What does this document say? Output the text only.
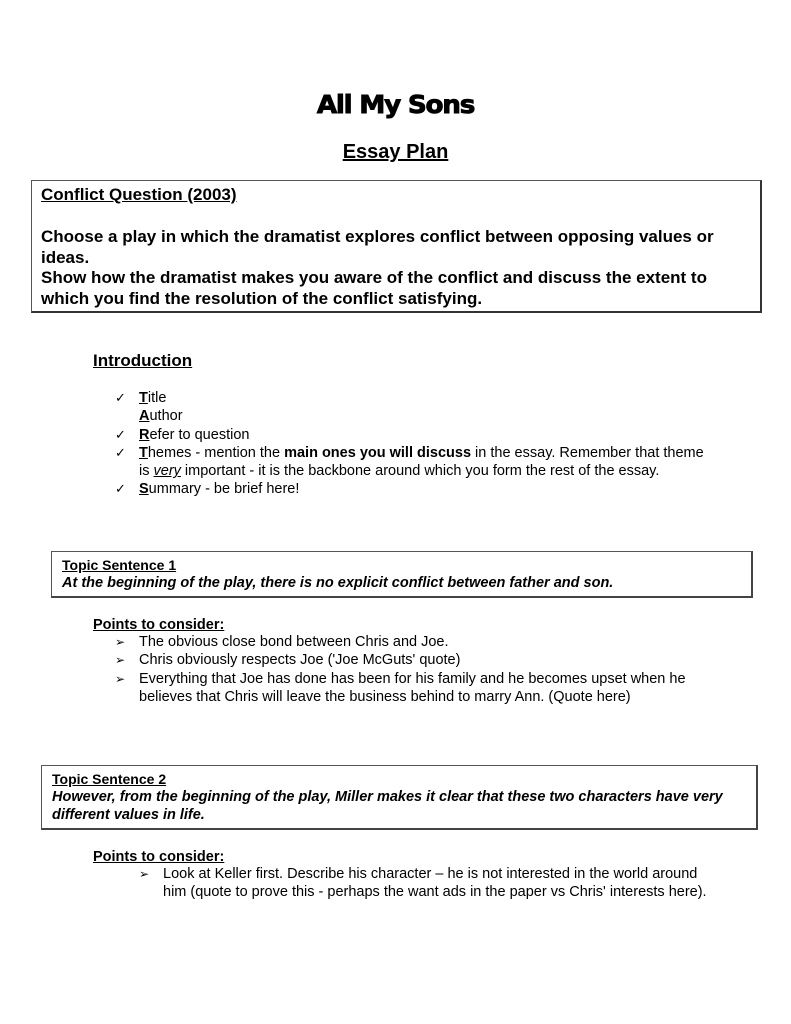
All My Sons
Essay Plan
Conflict Question (2003)

Choose a play in which the dramatist explores conflict between opposing values or ideas.

Show how the dramatist makes you aware of the conflict and discuss the extent to which you find the resolution of the conflict satisfying.

Introduction
✓ Title
Author
✓ Refer to question
✓ Themes - mention the main ones you will discuss in the essay. Remember that theme is very important - it is the backbone around which you form the rest of the essay.
✓ Summary - be brief here!
Topic Sentence 1
At the beginning of the play, there is no explicit conflict between father and son.
Points to consider:
➢ The obvious close bond between Chris and Joe.
➢ Chris obviously respects Joe ('Joe McGuts' quote)
➢ Everything that Joe has done has been for his family and he becomes upset when he believes that Chris will leave the business behind to marry Ann. (Quote here)
Topic Sentence 2
However, from the beginning of the play, Miller makes it clear that these two characters have very different values in life.
Points to consider:
➢ Look at Keller first. Describe his character – he is not interested in the world around him (quote to prove this - perhaps the want ads in the paper vs Chris' interests here).
